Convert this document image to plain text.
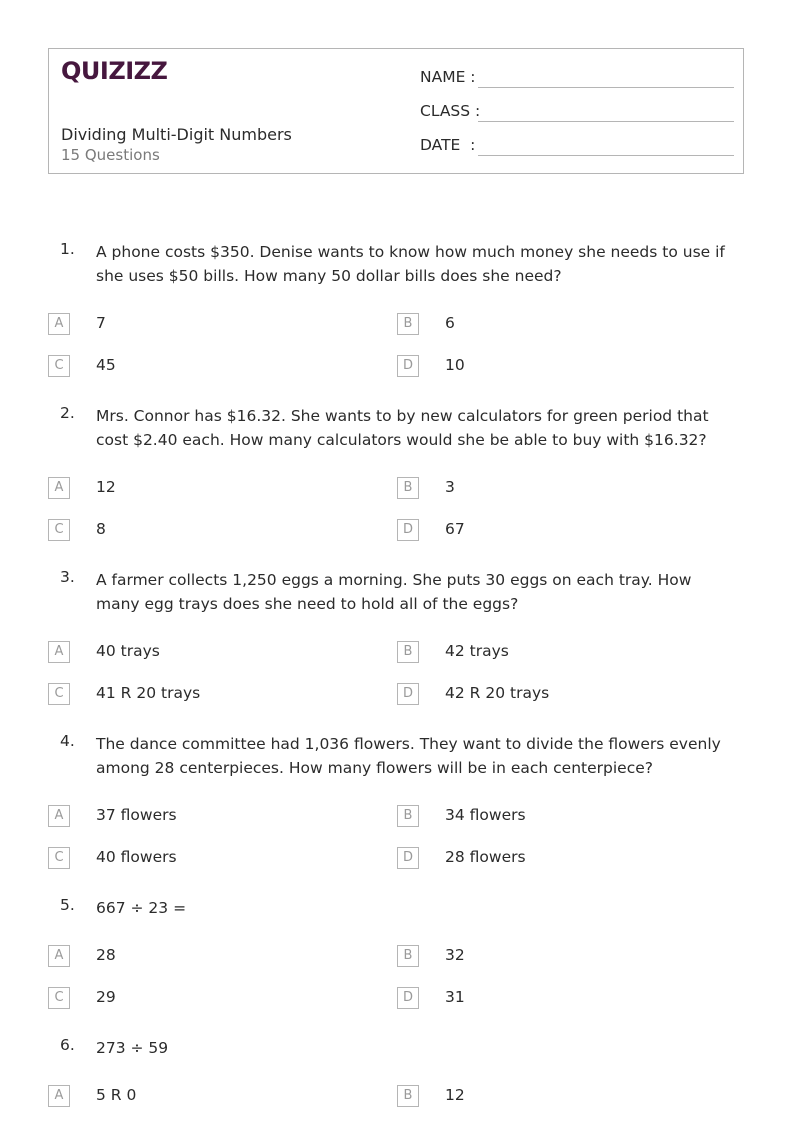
QUIZIZZ
Dividing Multi-Digit Numbers
15 Questions
NAME :
CLASS :
DATE  :
1. A phone costs $350. Denise wants to know how much money she needs to use if she uses $50 bills. How many 50 dollar bills does she need?
A	7	B	6
C	45	D	10
2. Mrs. Connor has $16.32. She wants to by new calculators for green period that cost $2.40 each. How many calculators would she be able to buy with $16.32?
A	12	B	3
C	8	D	67
3. A farmer collects 1,250 eggs a morning. She puts 30 eggs on each tray. How many egg trays does she need to hold all of the eggs?
A	40 trays	B	42 trays
C	41 R 20 trays	D	42 R 20 trays
4. The dance committee had 1,036 flowers. They want to divide the flowers evenly among 28 centerpieces. How many flowers will be in each centerpiece?
A	37 flowers	B	34 flowers
C	40 flowers	D	28 flowers
5. 667 ÷ 23 =
A	28	B	32
C	29	D	31
6. 273 ÷ 59
A	5 R 0	B	12
